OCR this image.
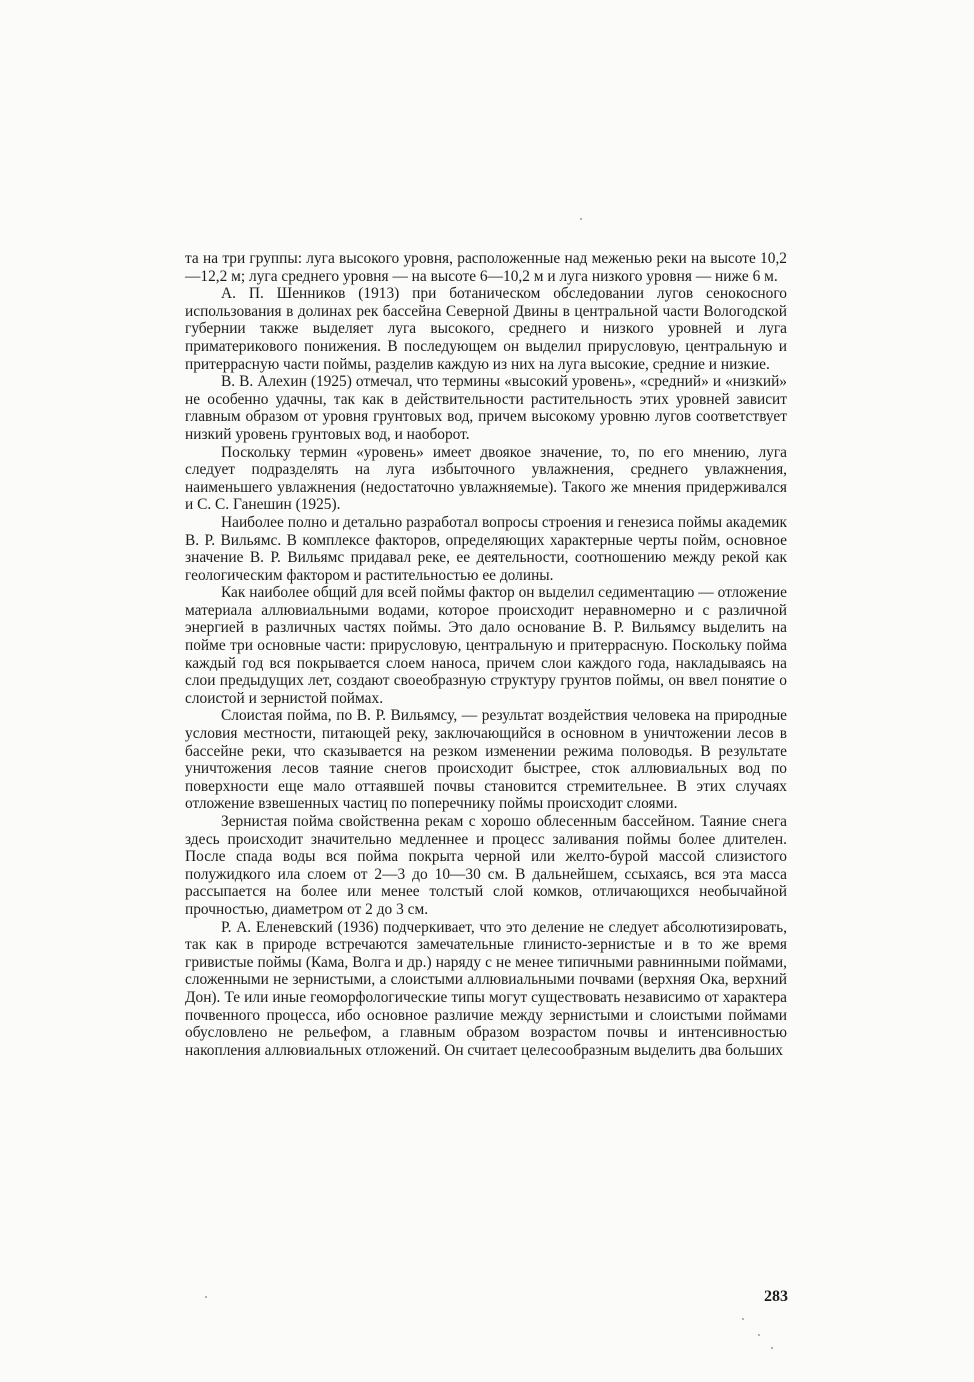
та на три группы: луга высокого уровня, расположенные над меженью реки на высоте 10,2—12,2 м; луга среднего уровня — на высоте 6—10,2 м и луга низкого уровня — ниже 6 м.

А. П. Шенников (1913) при ботаническом обследовании лугов сенокосного использования в долинах рек бассейна Северной Двины в центральной части Вологодской губернии также выделяет луга высокого, среднего и низкого уровней и луга приматерикового понижения. В последующем он выделил прирусловую, центральную и притеррасную части поймы, разделив каждую из них на луга высокие, средние и низкие.

В. В. Алехин (1925) отмечал, что термины «высокий уровень», «средний» и «низкий» не особенно удачны, так как в действительности растительность этих уровней зависит главным образом от уровня грунтовых вод, причем высокому уровню лугов соответствует низкий уровень грунтовых вод, и наоборот.

Поскольку термин «уровень» имеет двоякое значение, то, по его мнению, луга следует подразделять на луга избыточного увлажнения, среднего увлажнения, наименьшего увлажнения (недостаточно увлажняемые). Такого же мнения придерживался и С. С. Ганешин (1925).

Наиболее полно и детально разработал вопросы строения и генезиса поймы академик В. Р. Вильямс. В комплексе факторов, определяющих характерные черты пойм, основное значение В. Р. Вильямс придавал реке, ее деятельности, соотношению между рекой как геологическим фактором и растительностью ее долины.

Как наиболее общий для всей поймы фактор он выделил седиментацию — отложение материала аллювиальными водами, которое происходит неравномерно и с различной энергией в различных частях поймы. Это дало основание В. Р. Вильямсу выделить на пойме три основные части: прирусловую, центральную и притеррасную. Поскольку пойма каждый год вся покрывается слоем наноса, причем слои каждого года, накладываясь на слои предыдущих лет, создают своеобразную структуру грунтов поймы, он ввел понятие о слоистой и зернистой поймах.

Слоистая пойма, по В. Р. Вильямсу, — результат воздействия человека на природные условия местности, питающей реку, заключающийся в основном в уничтожении лесов в бассейне реки, что сказывается на резком изменении режима половодья. В результате уничтожения лесов таяние снегов происходит быстрее, сток аллювиальных вод по поверхности еще мало оттаявшей почвы становится стремительнее. В этих случаях отложение взвешенных частиц по поперечнику поймы происходит слоями.

Зернистая пойма свойственна рекам с хорошо облесенным бассейном. Таяние снега здесь происходит значительно медленнее и процесс заливания поймы более длителен. После спада воды вся пойма покрыта черной или желто-бурой массой слизистого полужидкого ила слоем от 2—3 до 10—30 см. В дальнейшем, ссыхаясь, вся эта масса рассыпается на более или менее толстый слой комков, отличающихся необычайной прочностью, диаметром от 2 до 3 см.

Р. А. Еленевский (1936) подчеркивает, что это деление не следует абсолютизировать, так как в природе встречаются замечательные глинисто-зернистые и в то же время гривистые поймы (Кама, Волга и др.) наряду с не менее типичными равнинными поймами, сложенными не зернистыми, а слоистыми аллювиальными почвами (верхняя Ока, верхний Дон). Те или иные геоморфологические типы могут существовать независимо от характера почвенного процесса, ибо основное различие между зернистыми и слоистыми поймами обусловлено не рельефом, а главным образом возрастом почвы и интенсивностью накопления аллювиальных отложений. Он считает целесообразным выделить два больших

283
